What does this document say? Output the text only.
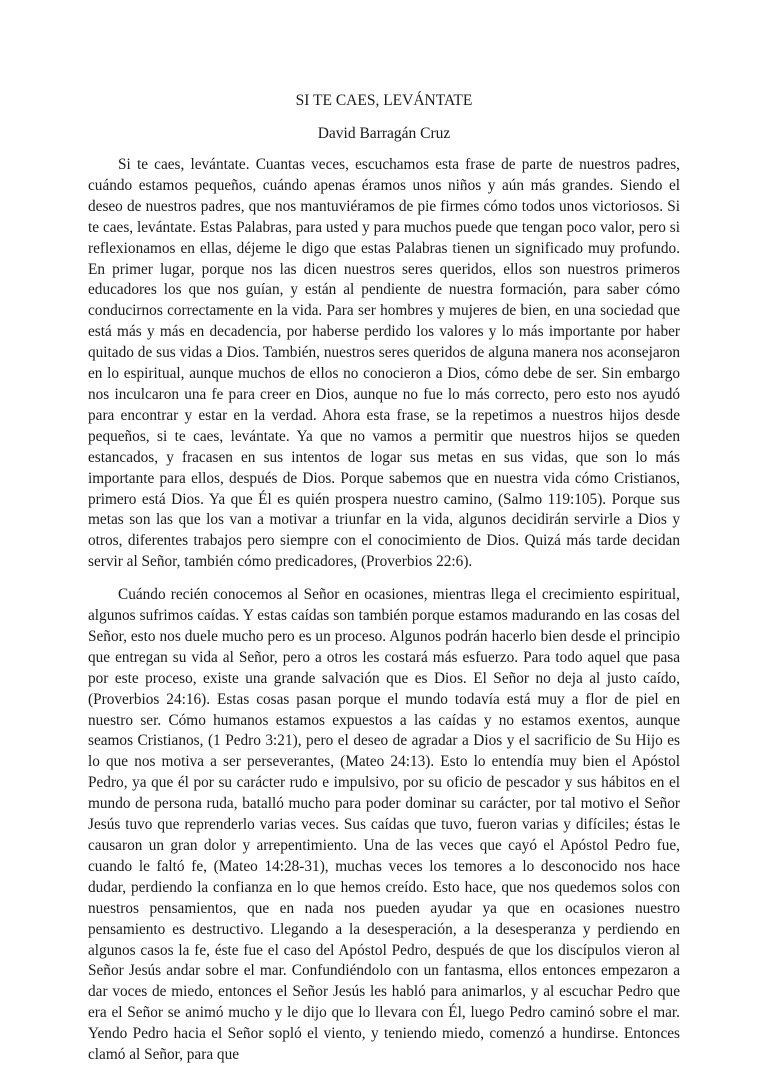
SI TE CAES, LEVÁNTATE
David Barragán Cruz

Si te caes, levántate. Cuantas veces, escuchamos esta frase de parte de nuestros padres, cuándo estamos pequeños, cuándo apenas éramos unos niños y aún más grandes. Siendo el deseo de nuestros padres, que nos mantuviéramos de pie firmes cómo todos unos victoriosos. Si te caes, levántate. Estas Palabras, para usted y para muchos puede que tengan poco valor, pero si reflexionamos en ellas, déjeme le digo que estas Palabras tienen un significado muy profundo. En primer lugar, porque nos las dicen nuestros seres queridos, ellos son nuestros primeros educadores los que nos guían, y están al pendiente de nuestra formación, para saber cómo conducirnos correctamente en la vida. Para ser hombres y mujeres de bien, en una sociedad que está más y más en decadencia, por haberse perdido los valores y lo más importante por haber quitado de sus vidas a Dios. También, nuestros seres queridos de alguna manera nos aconsejaron en lo espiritual, aunque muchos de ellos no conocieron a Dios, cómo debe de ser. Sin embargo nos inculcaron una fe para creer en Dios, aunque no fue lo más correcto, pero esto nos ayudó para encontrar y estar en la verdad. Ahora esta frase, se la repetimos a nuestros hijos desde pequeños, si te caes, levántate. Ya que no vamos a permitir que nuestros hijos se queden estancados, y fracasen en sus intentos de logar sus metas en sus vidas, que son lo más importante para ellos, después de Dios. Porque sabemos que en nuestra vida cómo Cristianos, primero está Dios. Ya que Él es quién prospera nuestro camino, (Salmo 119:105). Porque sus metas son las que los van a motivar a triunfar en la vida, algunos decidirán servirle a Dios y otros, diferentes trabajos pero siempre con el conocimiento de Dios. Quizá más tarde decidan servir al Señor, también cómo predicadores, (Proverbios 22:6).

Cuándo recién conocemos al Señor en ocasiones, mientras llega el crecimiento espiritual, algunos sufrimos caídas. Y estas caídas son también porque estamos madurando en las cosas del Señor, esto nos duele mucho pero es un proceso. Algunos podrán hacerlo bien desde el principio que entregan su vida al Señor, pero a otros les costará más esfuerzo. Para todo aquel que pasa por este proceso, existe una grande salvación que es Dios. El Señor no deja al justo caído, (Proverbios 24:16). Estas cosas pasan porque el mundo todavía está muy a flor de piel en nuestro ser. Cómo humanos estamos expuestos a las caídas y no estamos exentos, aunque seamos Cristianos, (1 Pedro 3:21), pero el deseo de agradar a Dios y el sacrificio de Su Hijo es lo que nos motiva a ser perseverantes, (Mateo 24:13). Esto lo entendía muy bien el Apóstol Pedro, ya que él por su carácter rudo e impulsivo, por su oficio de pescador y sus hábitos en el mundo de persona ruda, batalló mucho para poder dominar su carácter, por tal motivo el Señor Jesús tuvo que reprenderlo varias veces. Sus caídas que tuvo, fueron varias y difíciles; éstas le causaron un gran dolor y arrepentimiento. Una de las veces que cayó el Apóstol Pedro fue, cuando le faltó fe, (Mateo 14:28-31), muchas veces los temores a lo desconocido nos hace dudar, perdiendo la confianza en lo que hemos creído. Esto hace, que nos quedemos solos con nuestros pensamientos, que en nada nos pueden ayudar ya que en ocasiones nuestro pensamiento es destructivo. Llegando a la desesperación, a la desesperanza y perdiendo en algunos casos la fe, éste fue el caso del Apóstol Pedro, después de que los discípulos vieron al Señor Jesús andar sobre el mar. Confundiéndolo con un fantasma, ellos entonces empezaron a dar voces de miedo, entonces el Señor Jesús les habló para animarlos, y al escuchar Pedro que era el Señor se animó mucho y le dijo que lo llevara con Él, luego Pedro caminó sobre el mar. Yendo Pedro hacia el Señor sopló el viento, y teniendo miedo, comenzó a hundirse. Entonces clamó al Señor, para que
